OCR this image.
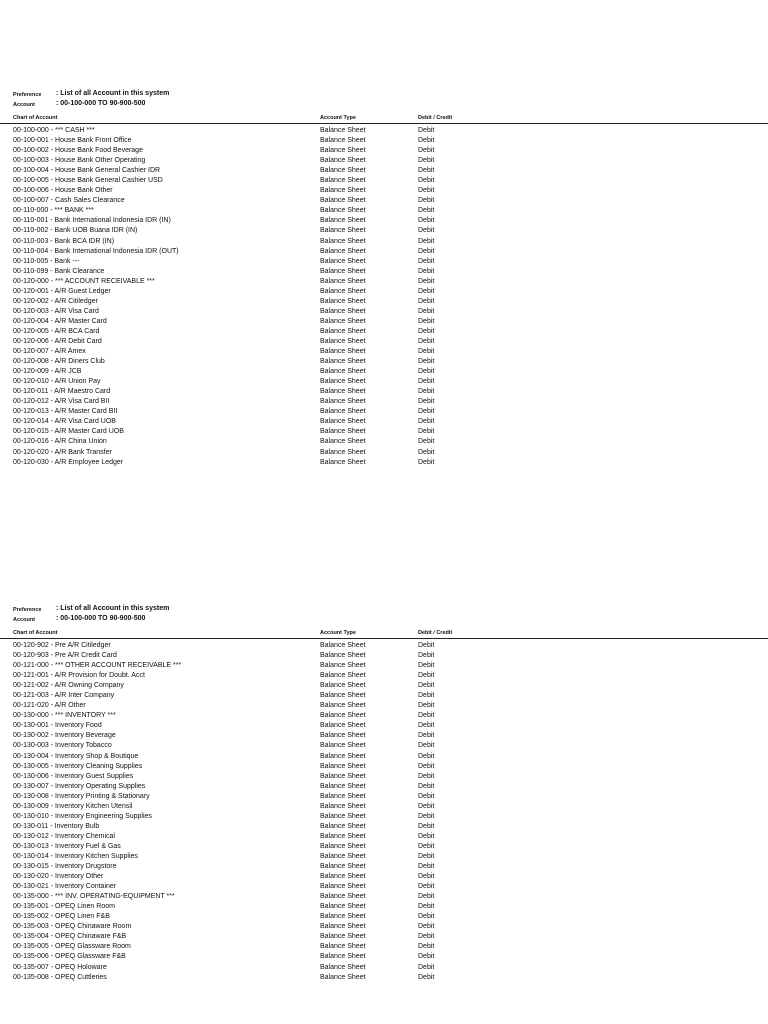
Preference : List of all Account in this system
Account	: 00-100-000 TO 90-900-500
Chart of Account	Account Type	Debit / Credit
00-100-000 - *** CASH ***	Balance Sheet	Debit
00-100-001 - House Bank Front Office	Balance Sheet	Debit
00-100-002 - House Bank Food Beverage	Balance Sheet	Debit
00-100-003 - House Bank Other Operating	Balance Sheet	Debit
00-100-004 - House Bank General Cashier IDR	Balance Sheet	Debit
00-100-005 - House Bank General Cashier USD	Balance Sheet	Debit
00-100-006 - House Bank Other	Balance Sheet	Debit
00-100-007 - Cash Sales Clearance	Balance Sheet	Debit
00-110-000 - *** BANK ***	Balance Sheet	Debit
00-110-001 - Bank International Indonesia IDR (IN)	Balance Sheet	Debit
00-110-002 - Bank UOB Buana IDR (IN)	Balance Sheet	Debit
00-110-003 - Bank BCA IDR (IN)	Balance Sheet	Debit
00-110-004 - Bank International Indonesia IDR (OUT)	Balance Sheet	Debit
00-110-005 - Bank ---	Balance Sheet	Debit
00-110-099 - Bank Clearance	Balance Sheet	Debit
00-120-000 - *** ACCOUNT RECEIVABLE ***	Balance Sheet	Debit
00-120-001 - A/R Guest Ledger	Balance Sheet	Debit
00-120-002 - A/R Citiledger	Balance Sheet	Debit
00-120-003 - A/R Visa Card	Balance Sheet	Debit
00-120-004 - A/R Master Card	Balance Sheet	Debit
00-120-005 - A/R BCA Card	Balance Sheet	Debit
00-120-006 - A/R Debit Card	Balance Sheet	Debit
00-120-007 - A/R Amex	Balance Sheet	Debit
00-120-008 - A/R Diners Club	Balance Sheet	Debit
00-120-009 - A/R JCB	Balance Sheet	Debit
00-120-010 - A/R Union Pay	Balance Sheet	Debit
00-120-011 - A/R Maestro Card	Balance Sheet	Debit
00-120-012 - A/R Visa Card BII	Balance Sheet	Debit
00-120-013 - A/R Master Card BII	Balance Sheet	Debit
00-120-014 - A/R Visa Card UOB	Balance Sheet	Debit
00-120-015 - A/R Master Card UOB	Balance Sheet	Debit
00-120-016 - A/R China Union	Balance Sheet	Debit
00-120-020 - A/R Bank Transfer	Balance Sheet	Debit
00-120-030 - A/R Employee Ledger	Balance Sheet	Debit
Preference : List of all Account in this system
Account	: 00-100-000 TO 90-900-500
Chart of Account	Account Type	Debit / Credit
00-120-902 - Pre A/R Citiledger	Balance Sheet	Debit
00-120-903 - Pre A/R Credit Card	Balance Sheet	Debit
00-121-000 - *** OTHER ACCOUNT RECEIVABLE ***	Balance Sheet	Debit
00-121-001 - A/R Provision for Doubt. Acct	Balance Sheet	Debit
00-121-002 - A/R Owning Company	Balance Sheet	Debit
00-121-003 - A/R Inter Company	Balance Sheet	Debit
00-121-020 - A/R Other	Balance Sheet	Debit
00-130-000 - *** INVENTORY ***	Balance Sheet	Debit
00-130-001 - Inventory Food	Balance Sheet	Debit
00-130-002 - Inventory Beverage	Balance Sheet	Debit
00-130-003 - Inventory Tobacco	Balance Sheet	Debit
00-130-004 - Inventory Shop & Boutique	Balance Sheet	Debit
00-130-005 - Inventory Cleaning Supplies	Balance Sheet	Debit
00-130-006 - Inventory Guest Supplies	Balance Sheet	Debit
00-130-007 - Inventory Operating Supplies	Balance Sheet	Debit
00-130-008 - Inventory Printing & Stationary	Balance Sheet	Debit
00-130-009 - Inventory Kitchen Utensil	Balance Sheet	Debit
00-130-010 - Inventory Engineering Supplies	Balance Sheet	Debit
00-130-011 - Inventory Bulb	Balance Sheet	Debit
00-130-012 - Inventory Chemical	Balance Sheet	Debit
00-130-013 - Inventory Fuel & Gas	Balance Sheet	Debit
00-130-014 - Inventory Kitchen Supplies	Balance Sheet	Debit
00-130-015 - Inventory Drugstore	Balance Sheet	Debit
00-130-020 - Inventory Other	Balance Sheet	Debit
00-130-021 - Inventory Container	Balance Sheet	Debit
00-135-000 - *** INV. OPERATING-EQUIPMENT ***	Balance Sheet	Debit
00-135-001 - OPEQ Linen Room	Balance Sheet	Debit
00-135-002 - OPEQ Linen F&B	Balance Sheet	Debit
00-135-003 - OPEQ Chinaware Room	Balance Sheet	Debit
00-135-004 - OPEQ Chinaware F&B	Balance Sheet	Debit
00-135-005 - OPEQ Glassware Room	Balance Sheet	Debit
00-135-006 - OPEQ Glassware F&B	Balance Sheet	Debit
00-135-007 - OPEQ Holoware	Balance Sheet	Debit
00-135-008 - OPEQ Cuttleries	Balance Sheet	Debit
